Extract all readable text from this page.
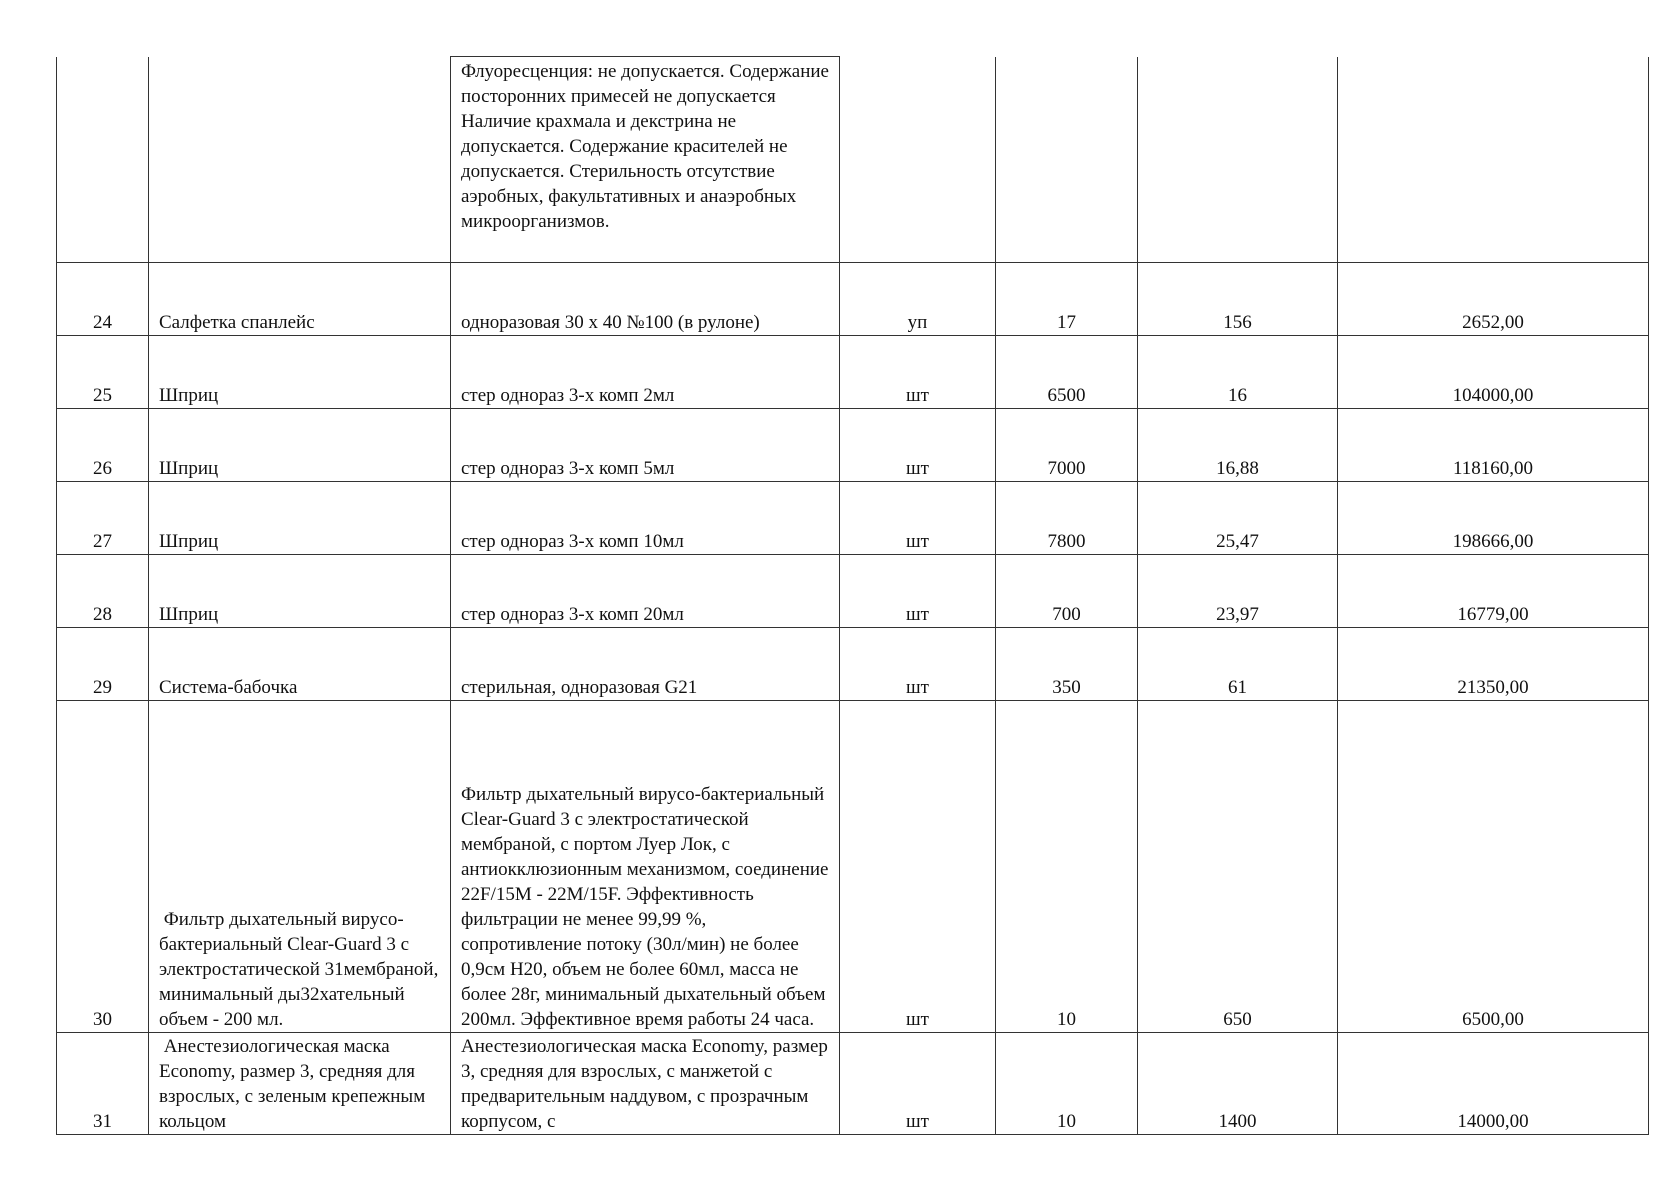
		Флуоресценция: не допускается. Содержание посторонних примесей не допускается Наличие крахмала и декстрина не допускается. Содержание красителей не допускается. Стерильность отсутствие аэробных, факультативных и анаэробных микроорганизмов.				
24	Салфетка спанлейс	одноразовая 30 х 40 №100 (в рулоне)	уп	17	156	2652,00
25	Шприц	стер однораз 3-х комп 2мл	шт	6500	16	104000,00
26	Шприц	стер однораз 3-х комп 5мл	шт	7000	16,88	118160,00
27	Шприц	стер однораз 3-х комп 10мл	шт	7800	25,47	198666,00
28	Шприц	стер однораз 3-х комп 20мл	шт	700	23,97	16779,00
29	Система-бабочка	стерильная, одноразовая G21	шт	350	61	21350,00
30	Фильтр дыхательный вирусо-бактериальный Clear-Guard 3 с электростатической 31мембраной, минимальный ды32хательный объем - 200 мл.	Фильтр дыхательный вирусо-бактериальный Clear-Guard 3 с электростатической мембраной, с портом Луер Лок, с антиокклюзионным механизмом, соединение 22F/15M - 22M/15F. Эффективность фильтрации не менее 99,99 %, сопротивление потоку (30л/мин) не более 0,9см Н20, объем не более 60мл, масса не более 28г, минимальный дыхательный объем 200мл. Эффективное время работы 24 часа.	шт	10	650	6500,00
31	Анестезиологическая маска Economy, размер 3, средняя для взрослых, с зеленым крепежным кольцом	Анестезиологическая маска Economy, размер 3, средняя для взрослых, с манжетой с предварительным наддувом, с прозрачным корпусом, с	шт	10	1400	14000,00
